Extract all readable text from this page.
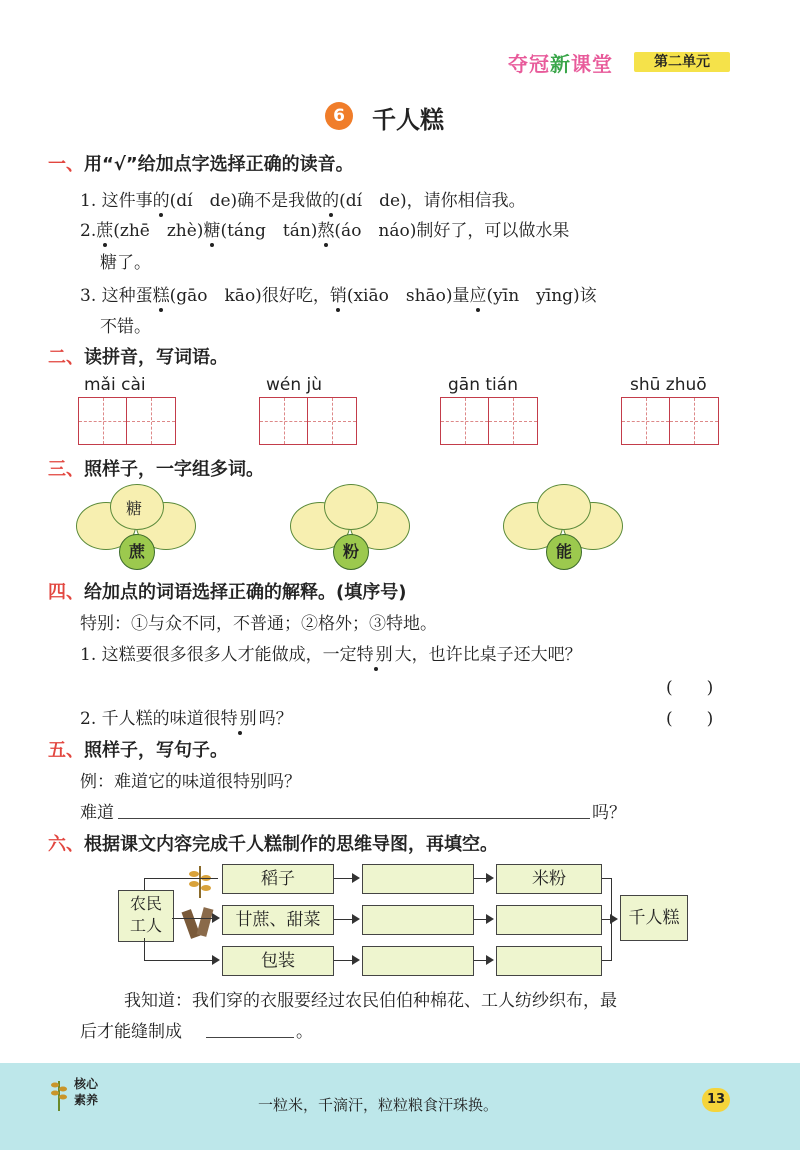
夺冠新课堂	第二单元
6	千人糕
一、用“√”给加点字选择正确的读音。
1. 这件事的(dí　de)确不是我做的(dí　de)，请你相信我。
2.蔗(zhē　zhè)糖(táng　tán)熬(áo　náo)制好了，可以做水果
糖了。
3. 这种蛋糕(gāo　kāo)很好吃，销(xiāo　shāo)量应(yīn　yīng)该
不错。
二、读拼音，写词语。
mǎi cài	wén jù	gān tián	shū zhuō
三、照样子，一字组多词。
糖
蔗	粉	能
四、给加点的词语选择正确的解释。(填序号)
特别：①与众不同，不普通；②格外；③特地。
1. 这糕要很多很多人才能做成，一定特别大，也许比桌子还大吧？
(　　)
2. 千人糕的味道很特别吗？	(　　)
五、照样子，写句子。
例：难道它的味道很特别吗？
难道	吗？
六、根据课文内容完成千人糕制作的思维导图，再填空。
农民
工人
稻子
甘蔗、甜菜
包装
米粉
千人糕
我知道：我们穿的衣服要经过农民伯伯种棉花、工人纺纱织布，最
后才能缝制成	。
核心
素养	一粒米，千滴汗，粒粒粮食汗珠换。	13
